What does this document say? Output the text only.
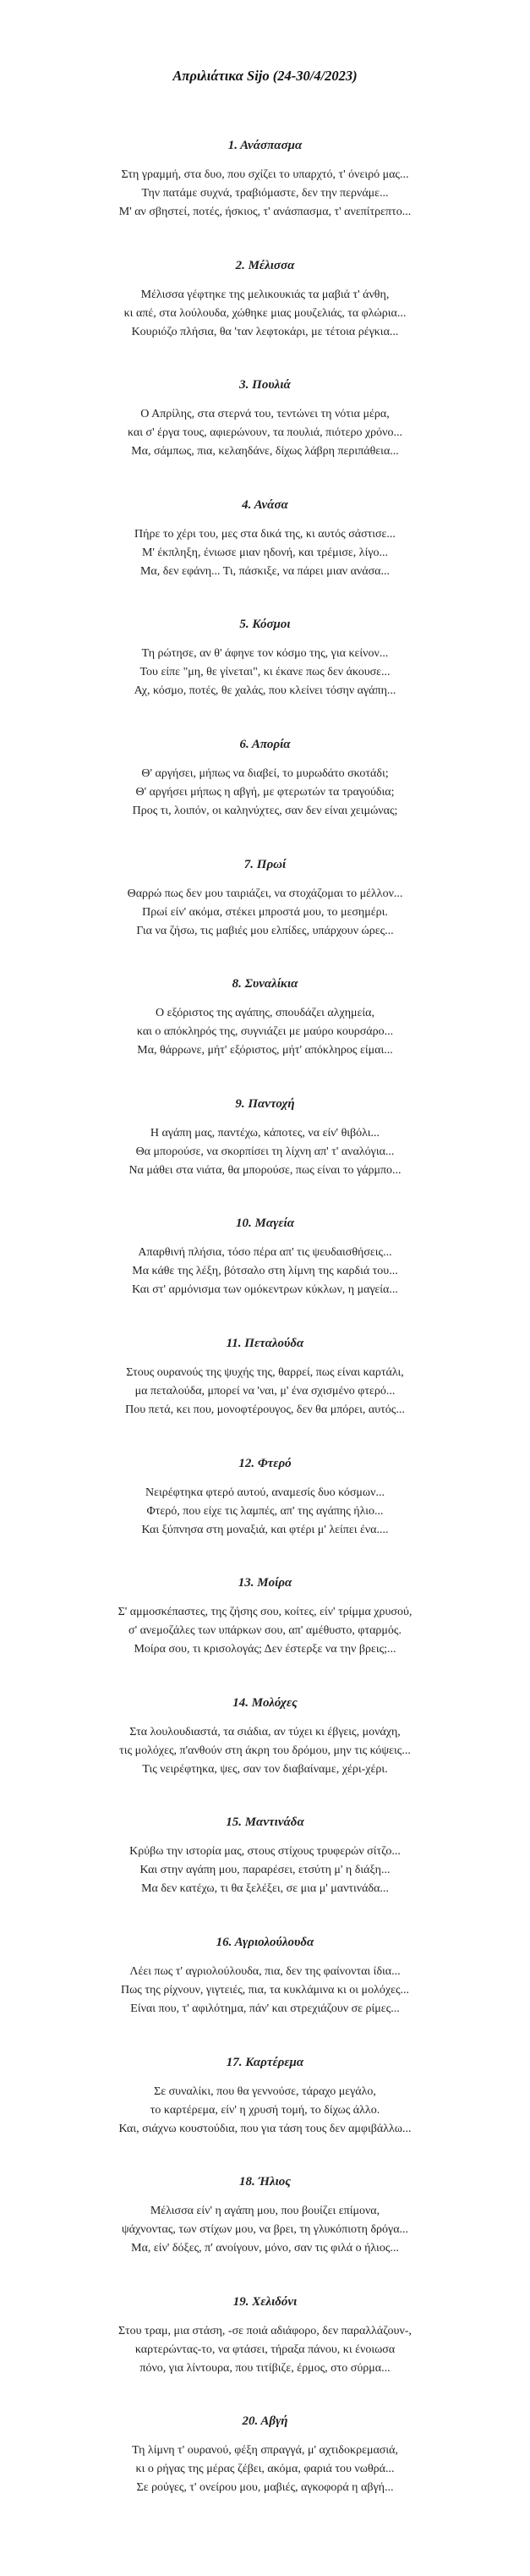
Απριλιάτικα Sijo (24-30/4/2023)
1. Ανάσπασμα
Στη γραμμή, στα δυο, που σχίζει το υπαρχτό, τ' όνειρό μας...
Την πατάμε συχνά, τραβιόμαστε, δεν την περνάμε...
Μ' αν σβηστεί, ποτές, ήσκιος, τ' ανάσπασμα, τ' ανεπίτρεπτο...
2. Μέλισσα
Μέλισσα γέφτηκε της μελικουκιάς τα μαβιά τ' άνθη,
κι απέ, στα λούλουδα, χώθηκε μιας μουζελιάς, τα φλώρια...
Κουριόζο πλήσια, θα 'ταν λεφτοκάρι, με τέτοια ρέγκια...
3. Πουλιά
Ο Απρίλης, στα στερνά του, τεντώνει τη νότια μέρα,
και σ' έργα τους, αφιερώνουν, τα πουλιά, πιότερο χρόνο...
Μα, σάμπως, πια, κελαηδάνε, δίχως λάβρη περιπάθεια...
4. Ανάσα
Πήρε το χέρι του, μες στα δικά της, κι αυτός σάστισε...
Μ' έκπληξη, ένιωσε μιαν ηδονή, και τρέμισε, λίγο...
Μα, δεν εφάνη... Τι, πάσκιξε, να πάρει μιαν ανάσα...
5. Κόσμοι
Τη ρώτησε, αν θ' άφηνε τον κόσμο της, για κείνον...
Του είπε "μη, θε γίνεται", κι έκανε πως δεν άκουσε...
Αχ, κόσμο, ποτές, θε χαλάς, που κλείνει τόσην αγάπη...
6. Απορία
Θ' αργήσει, μήπως να διαβεί, το μυρωδάτο σκοτάδι;
Θ' αργήσει μήπως η αβγή, με φτερωτών τα τραγούδια;
Προς τι, λοιπόν, οι καληνύχτες, σαν δεν είναι χειμώνας;
7. Πρωί
Θαρρώ πως δεν μου ταιριάζει, να στοχάζομαι το μέλλον...
Πρωί είν' ακόμα, στέκει μπροστά μου, το μεσημέρι.
Για να ζήσω, τις μαβιές μου ελπίδες, υπάρχουν ώρες...
8. Συναλίκια
Ο εξόριστος της αγάπης, σπουδάζει αλχημεία,
και ο απόκληρός της, συγνιάζει με μαύρο κουρσάρο...
Μα, θάρρωνε, μήτ' εξόριστος, μήτ' απόκληρος είμαι...
9. Παντοχή
Η αγάπη μας, παντέχω, κάποτες, να είν' θιβόλι...
Θα μπορούσε, να σκορπίσει τη λίχνη απ' τ' αναλόγια...
Να μάθει στα νιάτα, θα μπορούσε, πως είναι το γάρμπο...
10. Μαγεία
Απαρθινή πλήσια, τόσο πέρα απ' τις ψευδαισθήσεις...
Μα κάθε της λέξη, βότσαλο στη λίμνη της καρδιά του...
Και στ' αρμόνισμα των ομόκεντρων κύκλων, η μαγεία...
11. Πεταλούδα
Στους ουρανούς της ψυχής της, θαρρεί, πως είναι καρτάλι,
μα πεταλούδα, μπορεί να 'ναι, μ' ένα σχισμένο φτερό...
Που πετά, κει που, μονοφτέρουγος, δεν θα μπόρει, αυτός...
12. Φτερό
Νειρέφτηκα φτερό αυτού, αναμεσίς δυο κόσμων...
Φτερό, που είχε τις λαμπές, απ' της αγάπης ήλιο...
Και ξύπνησα στη μοναξιά, και φτέρι μ' λείπει ένα....
13. Μοίρα
Σ' αμμοσκέπαστες, της ζήσης σου, κοίτες, είν' τρίμμα χρυσού,
σ' ανεμοζάλες των υπάρκων σου, απ' αμέθυστο, φταρμός.
Μοίρα σου, τι κρισολογάς; Δεν έστερξε να την βρεις;...
14. Μολόχες
Στα λουλουδιαστά, τα σιάδια, αν τύχει κι έβγεις, μονάχη,
τις μολόχες, π'ανθούν στη άκρη του δρόμου, μην τις κόψεις...
Τις νειρέφτηκα, ψες, σαν τον διαβαίναμε, χέρι-χέρι.
15. Μαντινάδα
Κρύβω την ιστορία μας, στους στίχους τρυφερών σίτζο...
Και στην αγάπη μου, παραρέσει, ετσύτη μ' η διάξη...
Μα δεν κατέχω, τι θα ξελέξει, σε μια μ' μαντινάδα...
16. Αγριολούλουδα
Λέει πως τ' αγριολούλουδα, πια, δεν της φαίνονται ίδια...
Πως της ρίχνουν, γιγτειές, πια, τα κυκλάμινα κι οι μολόχες...
Είναι που, τ' αφιλότημα, πάν' και στρεχιάζουν σε ρίμες...
17. Καρτέρεμα
Σε συναλίκι, που θα γεννούσε, τάραχο μεγάλο,
το καρτέρεμα, είν' η χρυσή τομή, το δίχως άλλο.
Και, σιάχνω κουστούδια, που για τάση τους δεν αμφιβάλλω...
18. Ήλιος
Μέλισσα είν' η αγάπη μου, που βουίζει επίμονα,
ψάχνοντας, των στίχων μου, να βρει, τη γλυκόπιοτη δρόγα...
Μα, είν' δόξες, π' ανοίγουν, μόνο, σαν τις φιλά ο ήλιος...
19. Χελιδόνι
Στου τραμ, μια στάση, -σε ποιά αδιάφορο, δεν παραλλάζουν-,
καρτερώντας-το, να φτάσει, τήραξα πάνου, κι ένοιωσα
πόνο, για λίντουρα, που τιτίβιζε, έρμος, στο σύρμα...
20. Αβγή
Τη λίμνη τ' ουρανού, φέξη σπραγγά, μ' αχτιδοκρεμασιά,
κι ο ρήγας της μέρας ζέβει, ακόμα, φαριά του νωθρά...
Σε ρούγες, τ' ονείρου μου, μαβιές, αγκοφορά η αβγή...
